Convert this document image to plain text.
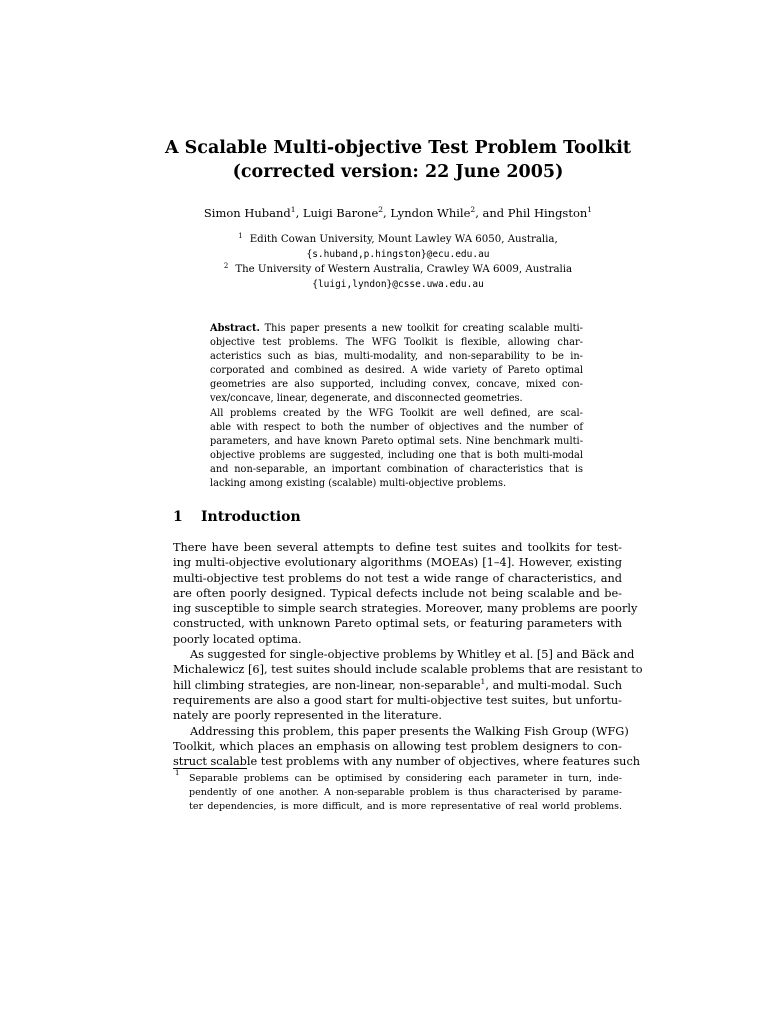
A Scalable Multi-objective Test Problem Toolkit
(corrected version: 22 June 2005)
Simon Huband$^1$, Luigi Barone$^2$, Lyndon While$^2$, and Phil Hingston$^1$
$^1$ Edith Cowan University, Mount Lawley WA 6050, Australia,
{s.huband,p.hingston}@ecu.edu.au
$^2$ The University of Western Australia, Crawley WA 6009, Australia
{luigi,lyndon}@csse.uwa.edu.au
Abstract. This paper presents a new toolkit for creating scalable multi-
objective test problems. The WFG Toolkit is flexible, allowing char-
acteristics such as bias, multi-modality, and non-separability to be in-
corporated and combined as desired. A wide variety of Pareto optimal
geometries are also supported, including convex, concave, mixed con-
vex/concave, linear, degenerate, and disconnected geometries.
All problems created by the WFG Toolkit are well defined, are scal-
able with respect to both the number of objectives and the number of
parameters, and have known Pareto optimal sets. Nine benchmark multi-
objective problems are suggested, including one that is both multi-modal
and non-separable, an important combination of characteristics that is
lacking among existing (scalable) multi-objective problems.
1 Introduction
There have been several attempts to define test suites and toolkits for test-
ing multi-objective evolutionary algorithms (MOEAs) [1–4]. However, existing
multi-objective test problems do not test a wide range of characteristics, and
are often poorly designed. Typical defects include not being scalable and be-
ing susceptible to simple search strategies. Moreover, many problems are poorly
constructed, with unknown Pareto optimal sets, or featuring parameters with
poorly located optima.
As suggested for single-objective problems by Whitley et al. [5] and Bäck and
Michalewicz [6], test suites should include scalable problems that are resistant to
hill climbing strategies, are non-linear, non-separable$^1$, and multi-modal. Such
requirements are also a good start for multi-objective test suites, but unfortu-
nately are poorly represented in the literature.
Addressing this problem, this paper presents the Walking Fish Group (WFG)
Toolkit, which places an emphasis on allowing test problem designers to con-
struct scalable test problems with any number of objectives, where features such
1	Separable problems can be optimised by considering each parameter in turn, inde-
pendently of one another. A non-separable problem is thus characterised by parame-
ter dependencies, is more difficult, and is more representative of real world problems.
